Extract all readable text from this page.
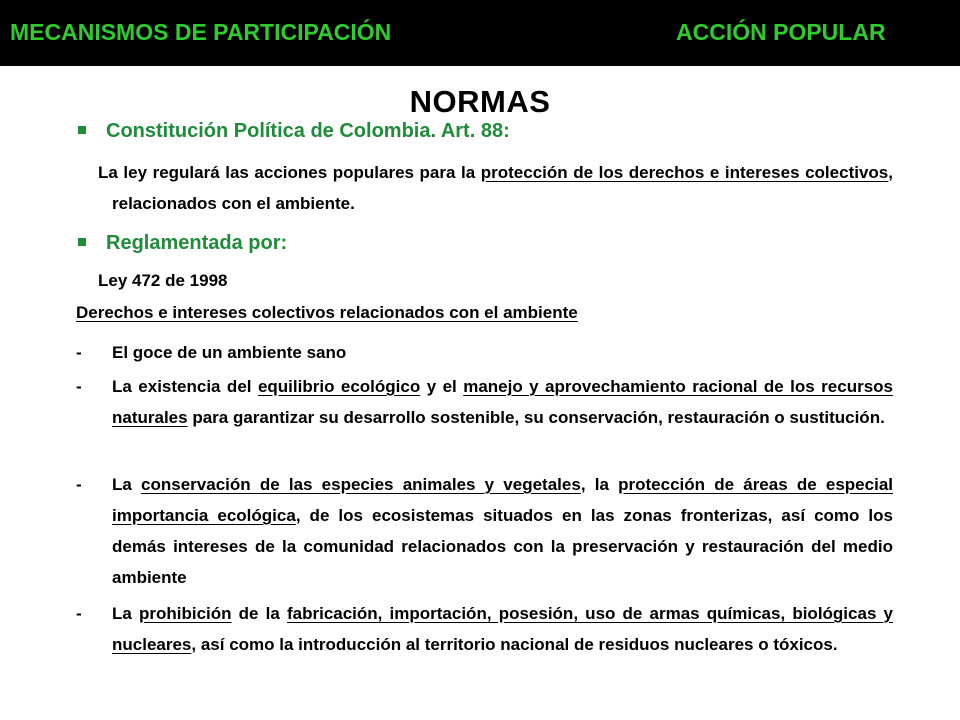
MECANISMOS DE PARTICIPACIÓN	ACCIÓN POPULAR
NORMAS
Constitución Política de Colombia. Art. 88:
La ley regulará las acciones populares para la protección de los derechos e intereses colectivos, relacionados con el ambiente.
Reglamentada por:
Ley 472 de 1998
Derechos e intereses colectivos relacionados con el ambiente
- El goce de un ambiente sano
- La existencia del equilibrio ecológico y el manejo y aprovechamiento racional de los recursos naturales para garantizar su desarrollo sostenible, su conservación, restauración o sustitución.
- La conservación de las especies animales y vegetales, la protección de áreas de especial importancia ecológica, de los ecosistemas situados en las zonas fronterizas, así como los demás intereses de la comunidad relacionados con la preservación y restauración del medio ambiente
- La prohibición de la fabricación, importación, posesión, uso de armas químicas, biológicas y nucleares, así como la introducción al territorio nacional de residuos nucleares o tóxicos.
